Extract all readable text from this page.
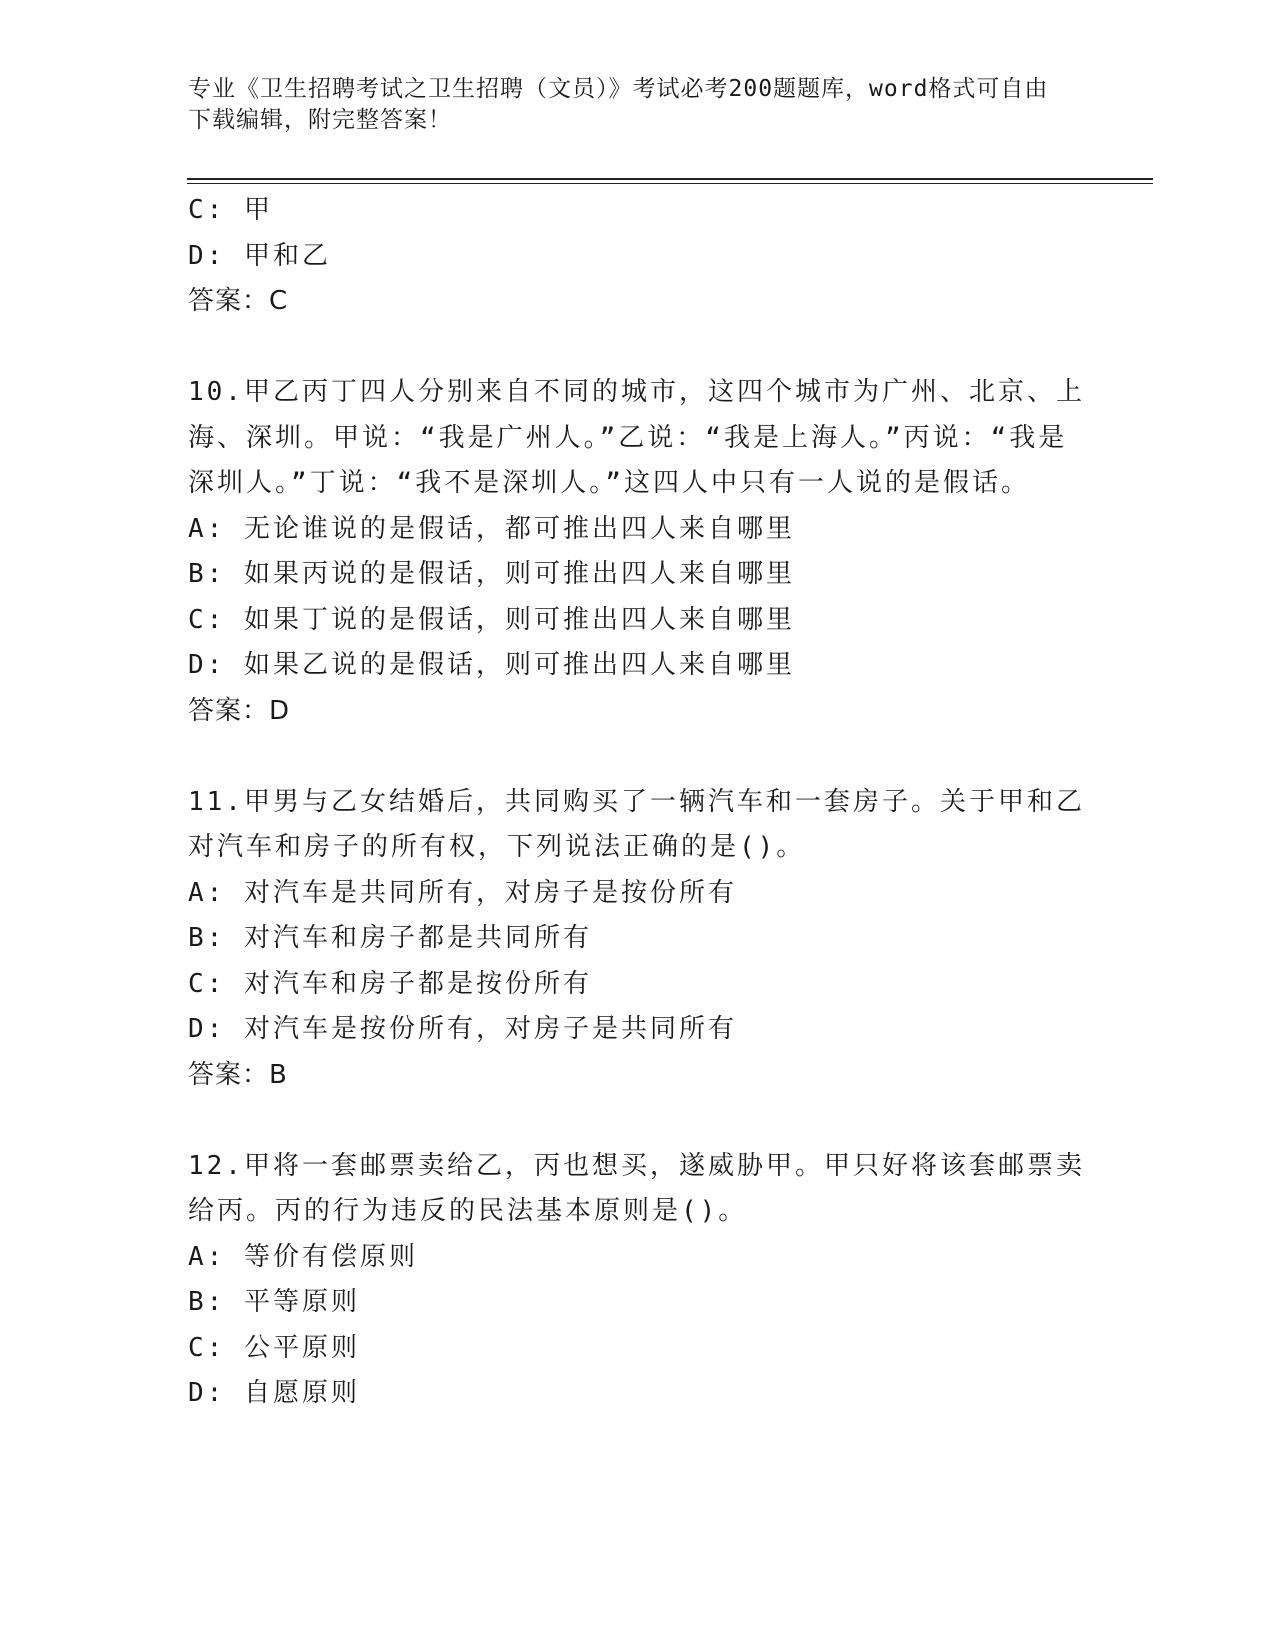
专业《卫生招聘考试之卫生招聘（文员）》考试必考200题题库，word格式可自由下载编辑，附完整答案！
C: 甲
D: 甲和乙
答案：C
10.甲乙丙丁四人分别来自不同的城市，这四个城市为广州、北京、上海、深圳。甲说：“我是广州人。”乙说：“我是上海人。”丙说：“我是深圳人。”丁说：“我不是深圳人。”这四人中只有一人说的是假话。
A: 无论谁说的是假话，都可推出四人来自哪里
B: 如果丙说的是假话，则可推出四人来自哪里
C: 如果丁说的是假话，则可推出四人来自哪里
D: 如果乙说的是假话，则可推出四人来自哪里
答案：D
11.甲男与乙女结婚后，共同购买了一辆汽车和一套房子。关于甲和乙对汽车和房子的所有权，下列说法正确的是()。
A: 对汽车是共同所有，对房子是按份所有
B: 对汽车和房子都是共同所有
C: 对汽车和房子都是按份所有
D: 对汽车是按份所有，对房子是共同所有
答案：B
12.甲将一套邮票卖给乙，丙也想买，遂威胁甲。甲只好将该套邮票卖给丙。丙的行为违反的民法基本原则是()。
A: 等价有偿原则
B: 平等原则
C: 公平原则
D: 自愿原则
